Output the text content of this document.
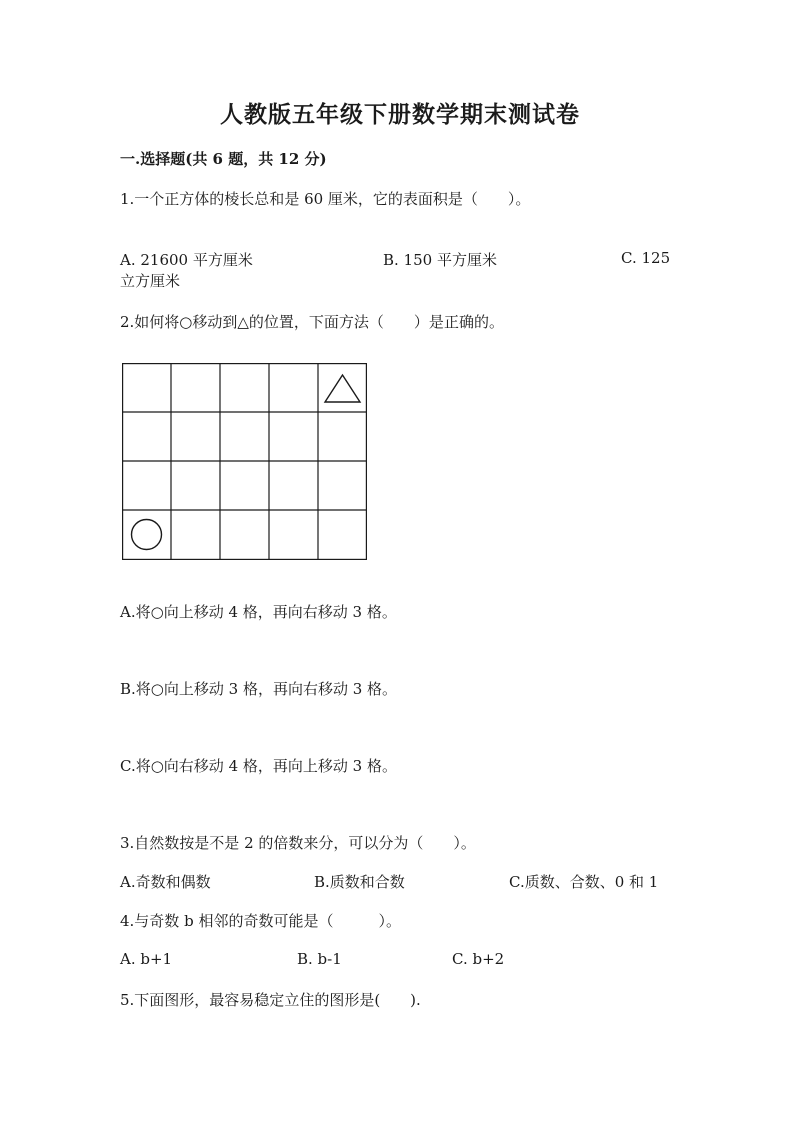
人教版五年级下册数学期末测试卷
一.选择题(共 6 题，共 12 分)
1.一个正方体的棱长总和是 60 厘米，它的表面积是（　　）。
A. 21600 平方厘米	B. 150 平方厘米	C. 125
立方厘米
2.如何将○移动到△的位置，下面方法（　　）是正确的。
A.将○向上移动 4 格，再向右移动 3 格。
B.将○向上移动 3 格，再向右移动 3 格。
C.将○向右移动 4 格，再向上移动 3 格。
3.自然数按是不是 2 的倍数来分，可以分为（　　）。
A.奇数和偶数	B.质数和合数	C.质数、合数、0 和 1
4.与奇数 b 相邻的奇数可能是（　　　）。
A. b+1	B. b-1	C. b+2
5.下面图形，最容易稳定立住的图形是(　　).
